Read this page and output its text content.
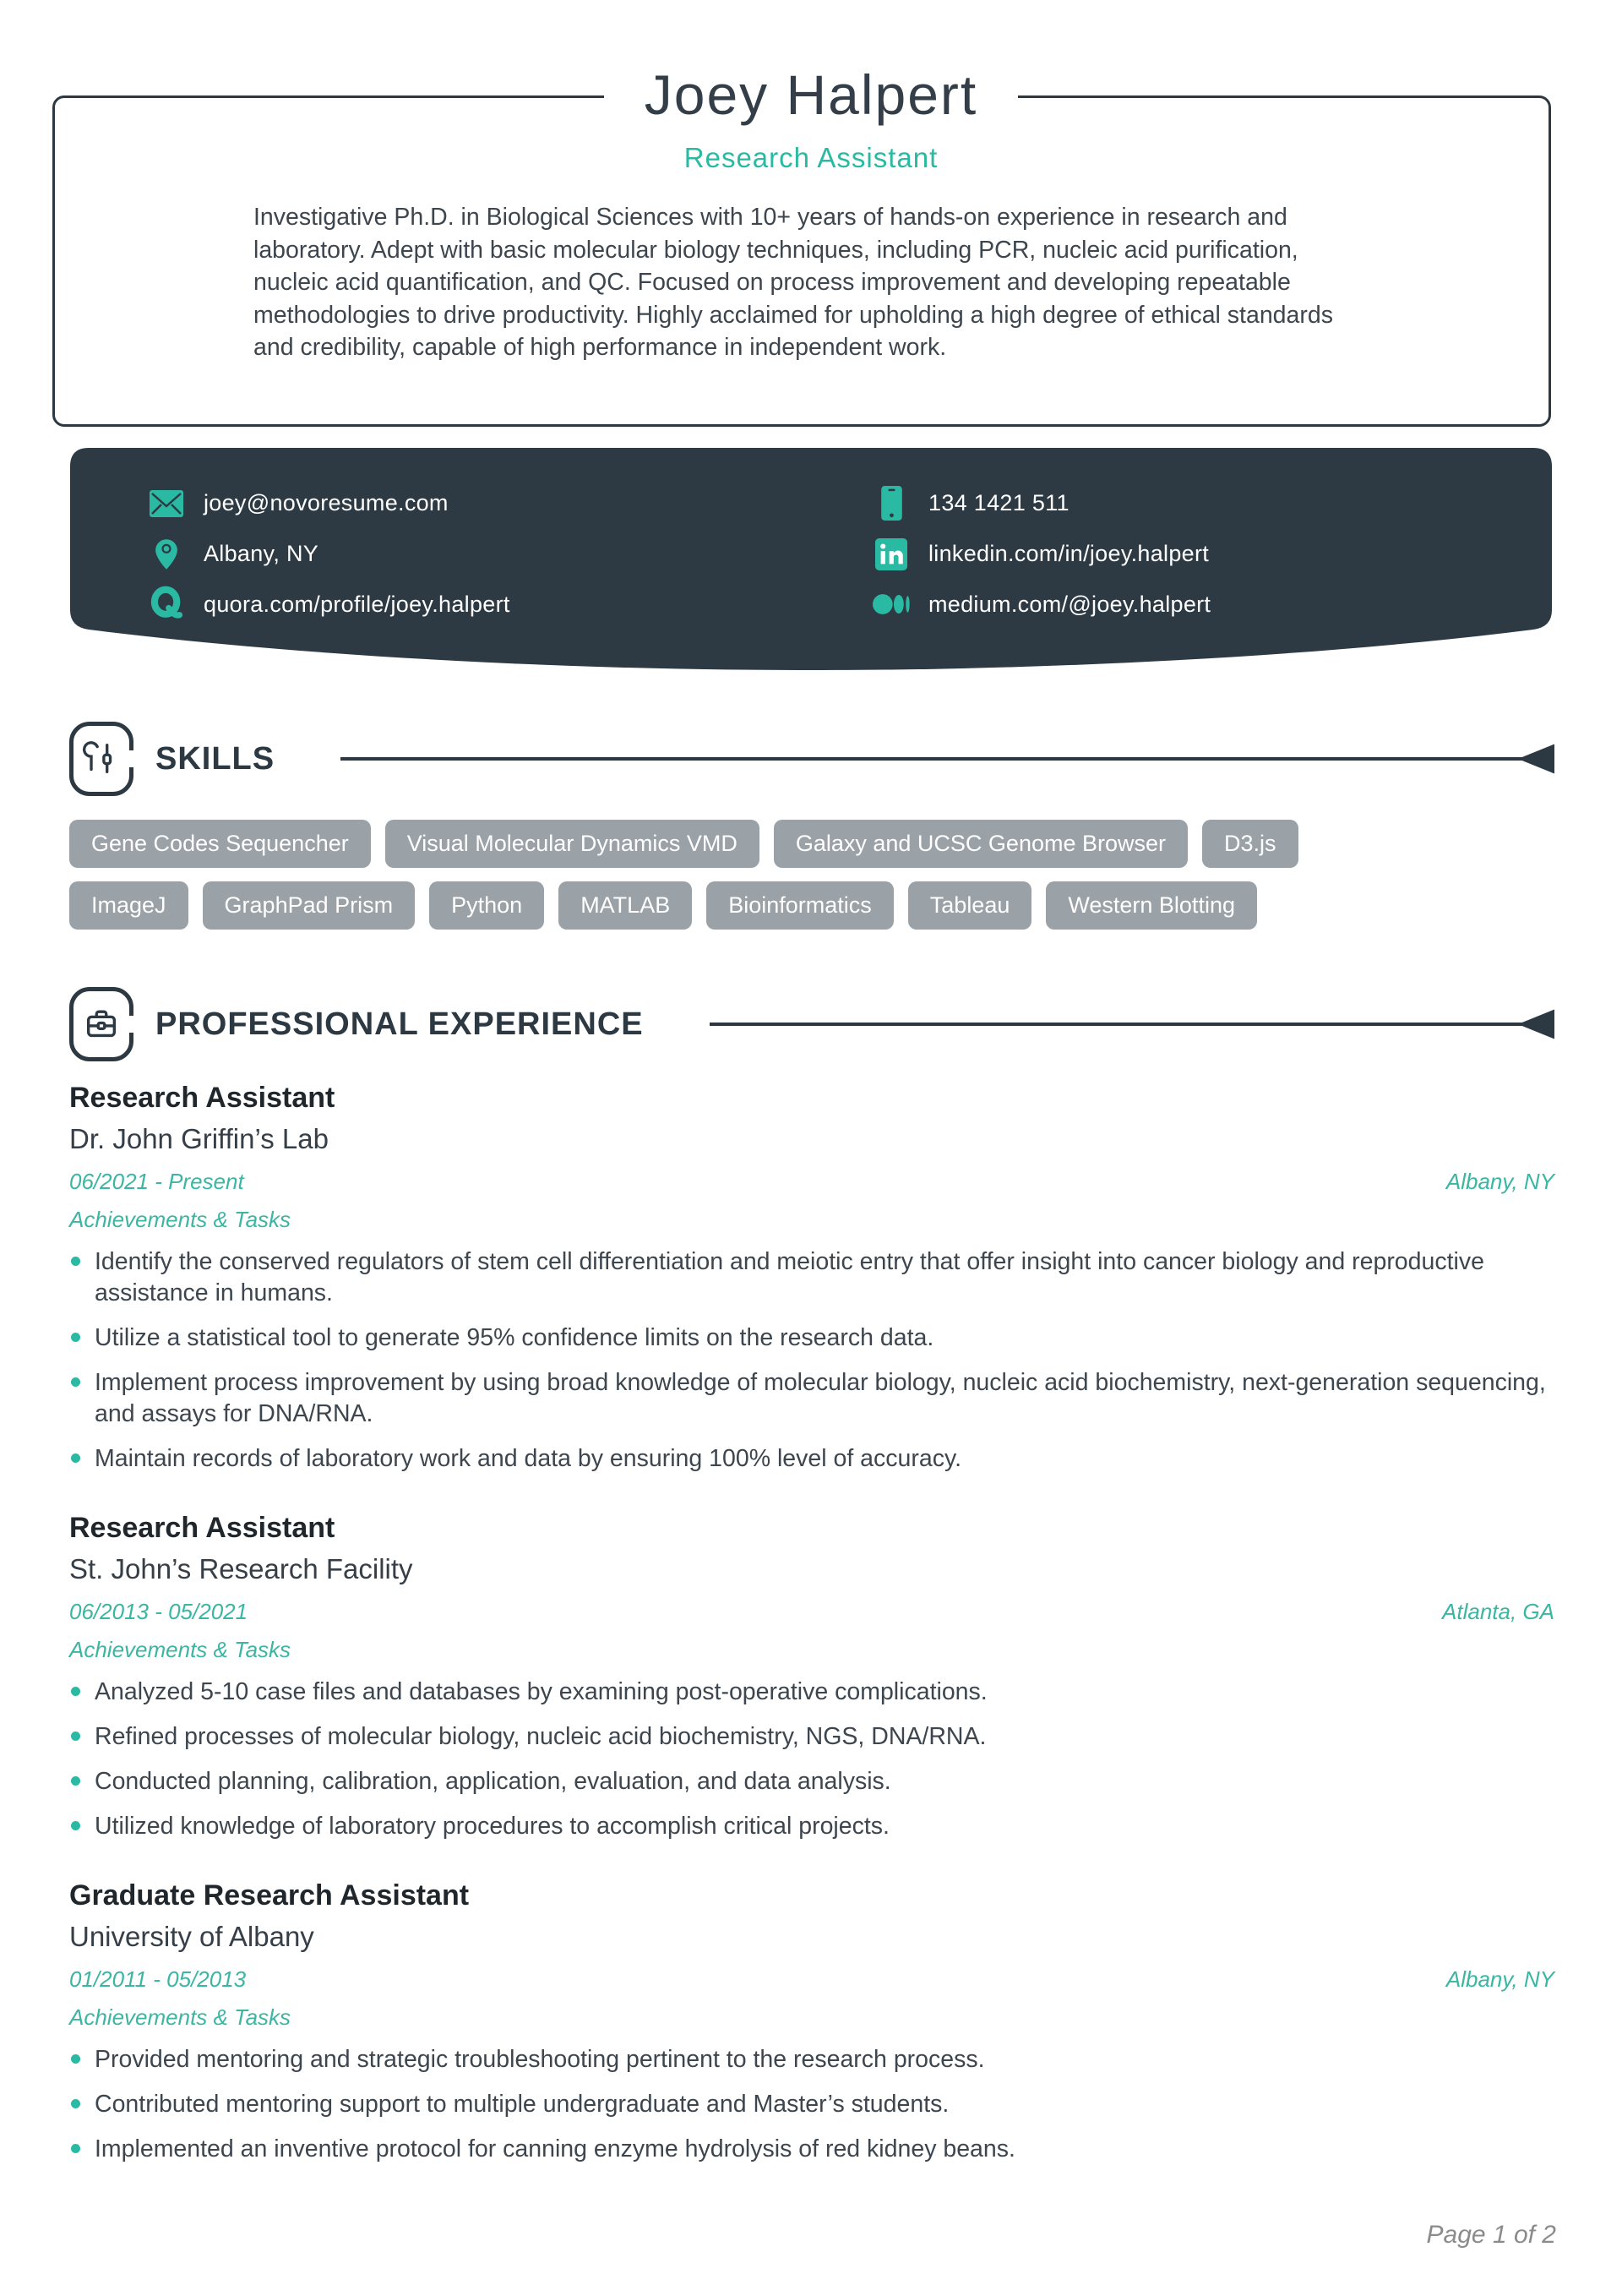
Joey Halpert
Research Assistant

Investigative Ph.D. in Biological Sciences with 10+ years of hands-on experience in research and laboratory. Adept with basic molecular biology techniques, including PCR, nucleic acid purification, nucleic acid quantification, and QC. Focused on process improvement and developing repeatable methodologies to drive productivity. Highly acclaimed for upholding a high degree of ethical standards and credibility, capable of high performance in independent work.

joey@novoresume.com
Albany, NY
quora.com/profile/joey.halpert
134 1421 511
linkedin.com/in/joey.halpert
medium.com/@joey.halpert
SKILLS
Gene Codes Sequencher	Visual Molecular Dynamics VMD	Galaxy and UCSC Genome Browser	D3.js
ImageJ	GraphPad Prism	Python	MATLAB	Bioinformatics	Tableau	Western Blotting
PROFESSIONAL EXPERIENCE
Research Assistant
Dr. John Griffin’s Lab
06/2021 - Present	Albany, NY
Achievements & Tasks
Identify the conserved regulators of stem cell differentiation and meiotic entry that offer insight into cancer biology and reproductive assistance in humans.
Utilize a statistical tool to generate 95% confidence limits on the research data.
Implement process improvement by using broad knowledge of molecular biology, nucleic acid biochemistry, next-generation sequencing, and assays for DNA/RNA.
Maintain records of laboratory work and data by ensuring 100% level of accuracy.
Research Assistant
St. John’s Research Facility
06/2013 - 05/2021	Atlanta, GA
Achievements & Tasks
Analyzed 5-10 case files and databases by examining post-operative complications.
Refined processes of molecular biology, nucleic acid biochemistry, NGS, DNA/RNA.
Conducted planning, calibration, application, evaluation, and data analysis.
Utilized knowledge of laboratory procedures to accomplish critical projects.
Graduate Research Assistant
University of Albany
01/2011 - 05/2013	Albany, NY
Achievements & Tasks
Provided mentoring and strategic troubleshooting pertinent to the research process.
Contributed mentoring support to multiple undergraduate and Master’s students.
Implemented an inventive protocol for canning enzyme hydrolysis of red kidney beans.
Page 1 of 2
